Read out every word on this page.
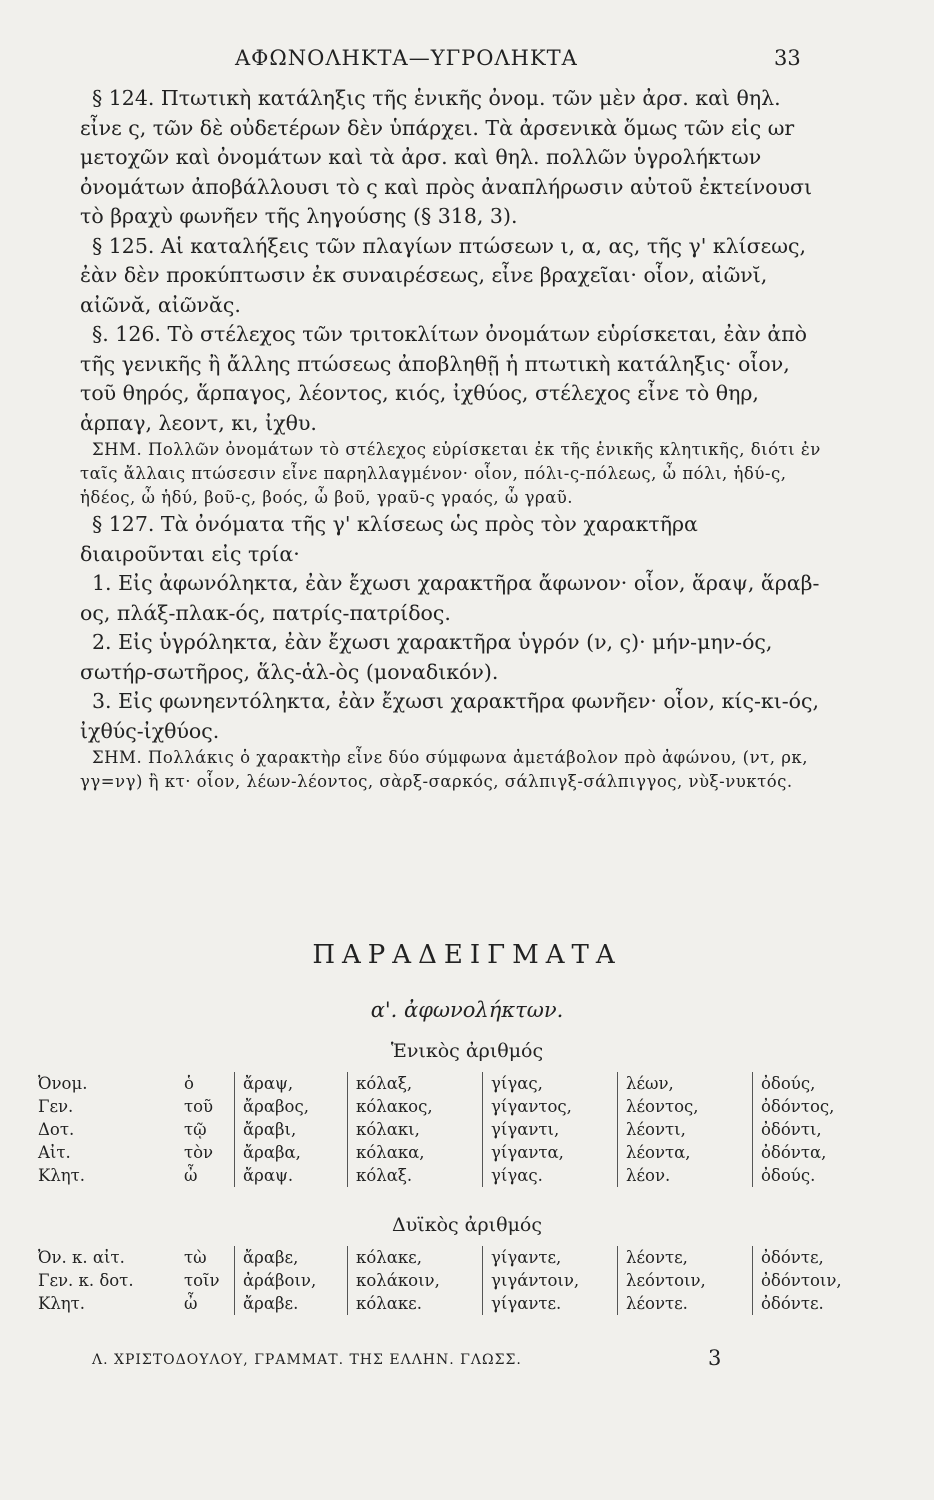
ΑΦΩΝΟΛΗΚΤΑ—ΥΓΡΟΛΗΚΤΑ	33

§ 124. Πτωτικὴ κατάληξις τῆς ἑνικῆς ὀνομ. τῶν μὲν ἀρσ. καὶ θηλ. εἶνε ς, τῶν δὲ οὐδετέρων δὲν ὑπάρχει. Τὰ ἀρσενικὰ ὅμως τῶν εἰς ωr μετοχῶν καὶ ὀνομάτων καὶ τὰ ἀρσ. καὶ θηλ. πολλῶν ὑγρολήκτων ὀνομάτων ἀποβάλλουσι τὸ ς καὶ πρὸς ἀναπλήρωσιν αὐτοῦ ἐκτείνουσι τὸ βραχὺ φωνῆεν τῆς ληγούσης (§ 318, 3).

§ 125. Αἱ καταλήξεις τῶν πλαγίων πτώσεων ι, α, ας, τῆς γ' κλίσεως, ἐὰν δὲν προκύπτωσιν ἐκ συναιρέσεως, εἶνε βραχεῖαι· οἷον, αἰῶνῐ, αἰῶνᾰ, αἰῶνᾰς.

§. 126. Τὸ στέλεχος τῶν τριτοκλίτων ὀνομάτων εὑρίσκεται, ἐὰν ἀπὸ τῆς γενικῆς ἢ ἄλλης πτώσεως ἀποβληθῇ ἡ πτωτικὴ κατάληξις· οἷον, τοῦ θηρός, ἅρπαγος, λέοντος, κιός, ἰχθύος, στέλεχος εἶνε τὸ θηρ, ἁρπαγ, λεοντ, κι, ἰχθυ.

ΣΗΜ. Πολλῶν ὀνομάτων τὸ στέλεχος εὑρίσκεται ἐκ τῆς ἑνικῆς κλητικῆς, διότι ἐν ταῖς ἄλλαις πτώσεσιν εἶνε παρηλλαγμένον· οἷον, πόλι-ς-πόλεως, ὦ πόλι, ἡδύ-ς, ἡδέος, ὦ ἡδύ, βοῦ-ς, βοός, ὦ βοῦ, γραῦ-ς γραός, ὦ γραῦ.

§ 127. Τὰ ὀνόματα τῆς γ' κλίσεως ὡς πρὸς τὸν χαρακτῆρα διαιροῦνται εἰς τρία·

1. Εἰς ἀφωνόληκτα, ἐὰν ἔχωσι χαρακτῆρα ἄφωνον· οἷον, ἅραψ, ἅραβ-ος, πλάξ-πλακ-ός, πατρίς-πατρίδος.

2. Εἰς ὑγρόληκτα, ἐὰν ἔχωσι χαρακτῆρα ὑγρόν (ν, ς)· μήν-μην-ός, σωτήρ-σωτῆρος, ἅλς-ἁλ-ὸς (μοναδικόν).

3. Εἰς φωνηεντόληκτα, ἐὰν ἔχωσι χαρακτῆρα φωνῆεν· οἷον, κίς-κι-ός, ἰχθύς-ἰχθύος.

ΣΗΜ. Πολλάκις ὁ χαρακτὴρ εἶνε δύο σύμφωνα ἀμετάβολον πρὸ ἀφώνου, (ντ, ρκ, γγ=νγ) ἢ κτ· οἷον, λέων-λέοντος, σὰρξ-σαρκός, σάλπιγξ-σάλπιγγος, νὺξ-νυκτός.

ΠΑΡΑΔΕΙΓΜΑΤΑ
α'. ἀφωνολήκτων.
Ἑνικὸς ἀριθμός
Ὀνομ.	ὁ	ἄραψ,	κόλαξ,	γίγας,	λέων,	ὀδούς,
Γεν.	τοῦ	ἄραβος,	κόλακος,	γίγαντος,	λέοντος,	ὀδόντος,
Δοτ.	τῷ	ἄραβι,	κόλακι,	γίγαντι,	λέοντι,	ὀδόντι,
Αἰτ.	τὸν	ἄραβα,	κόλακα,	γίγαντα,	λέοντα,	ὀδόντα,
Κλητ.	ὦ	ἄραψ.	κόλαξ.	γίγας.	λέον.	ὀδούς.
Δυϊκὸς ἀριθμός
Ὀν. κ. αἰτ.	τὼ	ἄραβε,	κόλακε,	γίγαντε,	λέοντε,	ὀδόντε,
Γεν. κ. δοτ.	τοῖν	ἀράβοιν,	κολάκοιν,	γιγάντοιν,	λεόντοιν,	ὀδόντοιν,
Κλητ.	ὦ	ἄραβε.	κόλακε.	γίγαντε.	λέοντε.	ὀδόντε.
Λ. ΧΡΙΣΤΟΔΟΥΛΟΥ, ΓΡΑΜΜΑΤ. ΤΗΣ ΕΛΛΗΝ. ΓΛΩΣΣ.	3
